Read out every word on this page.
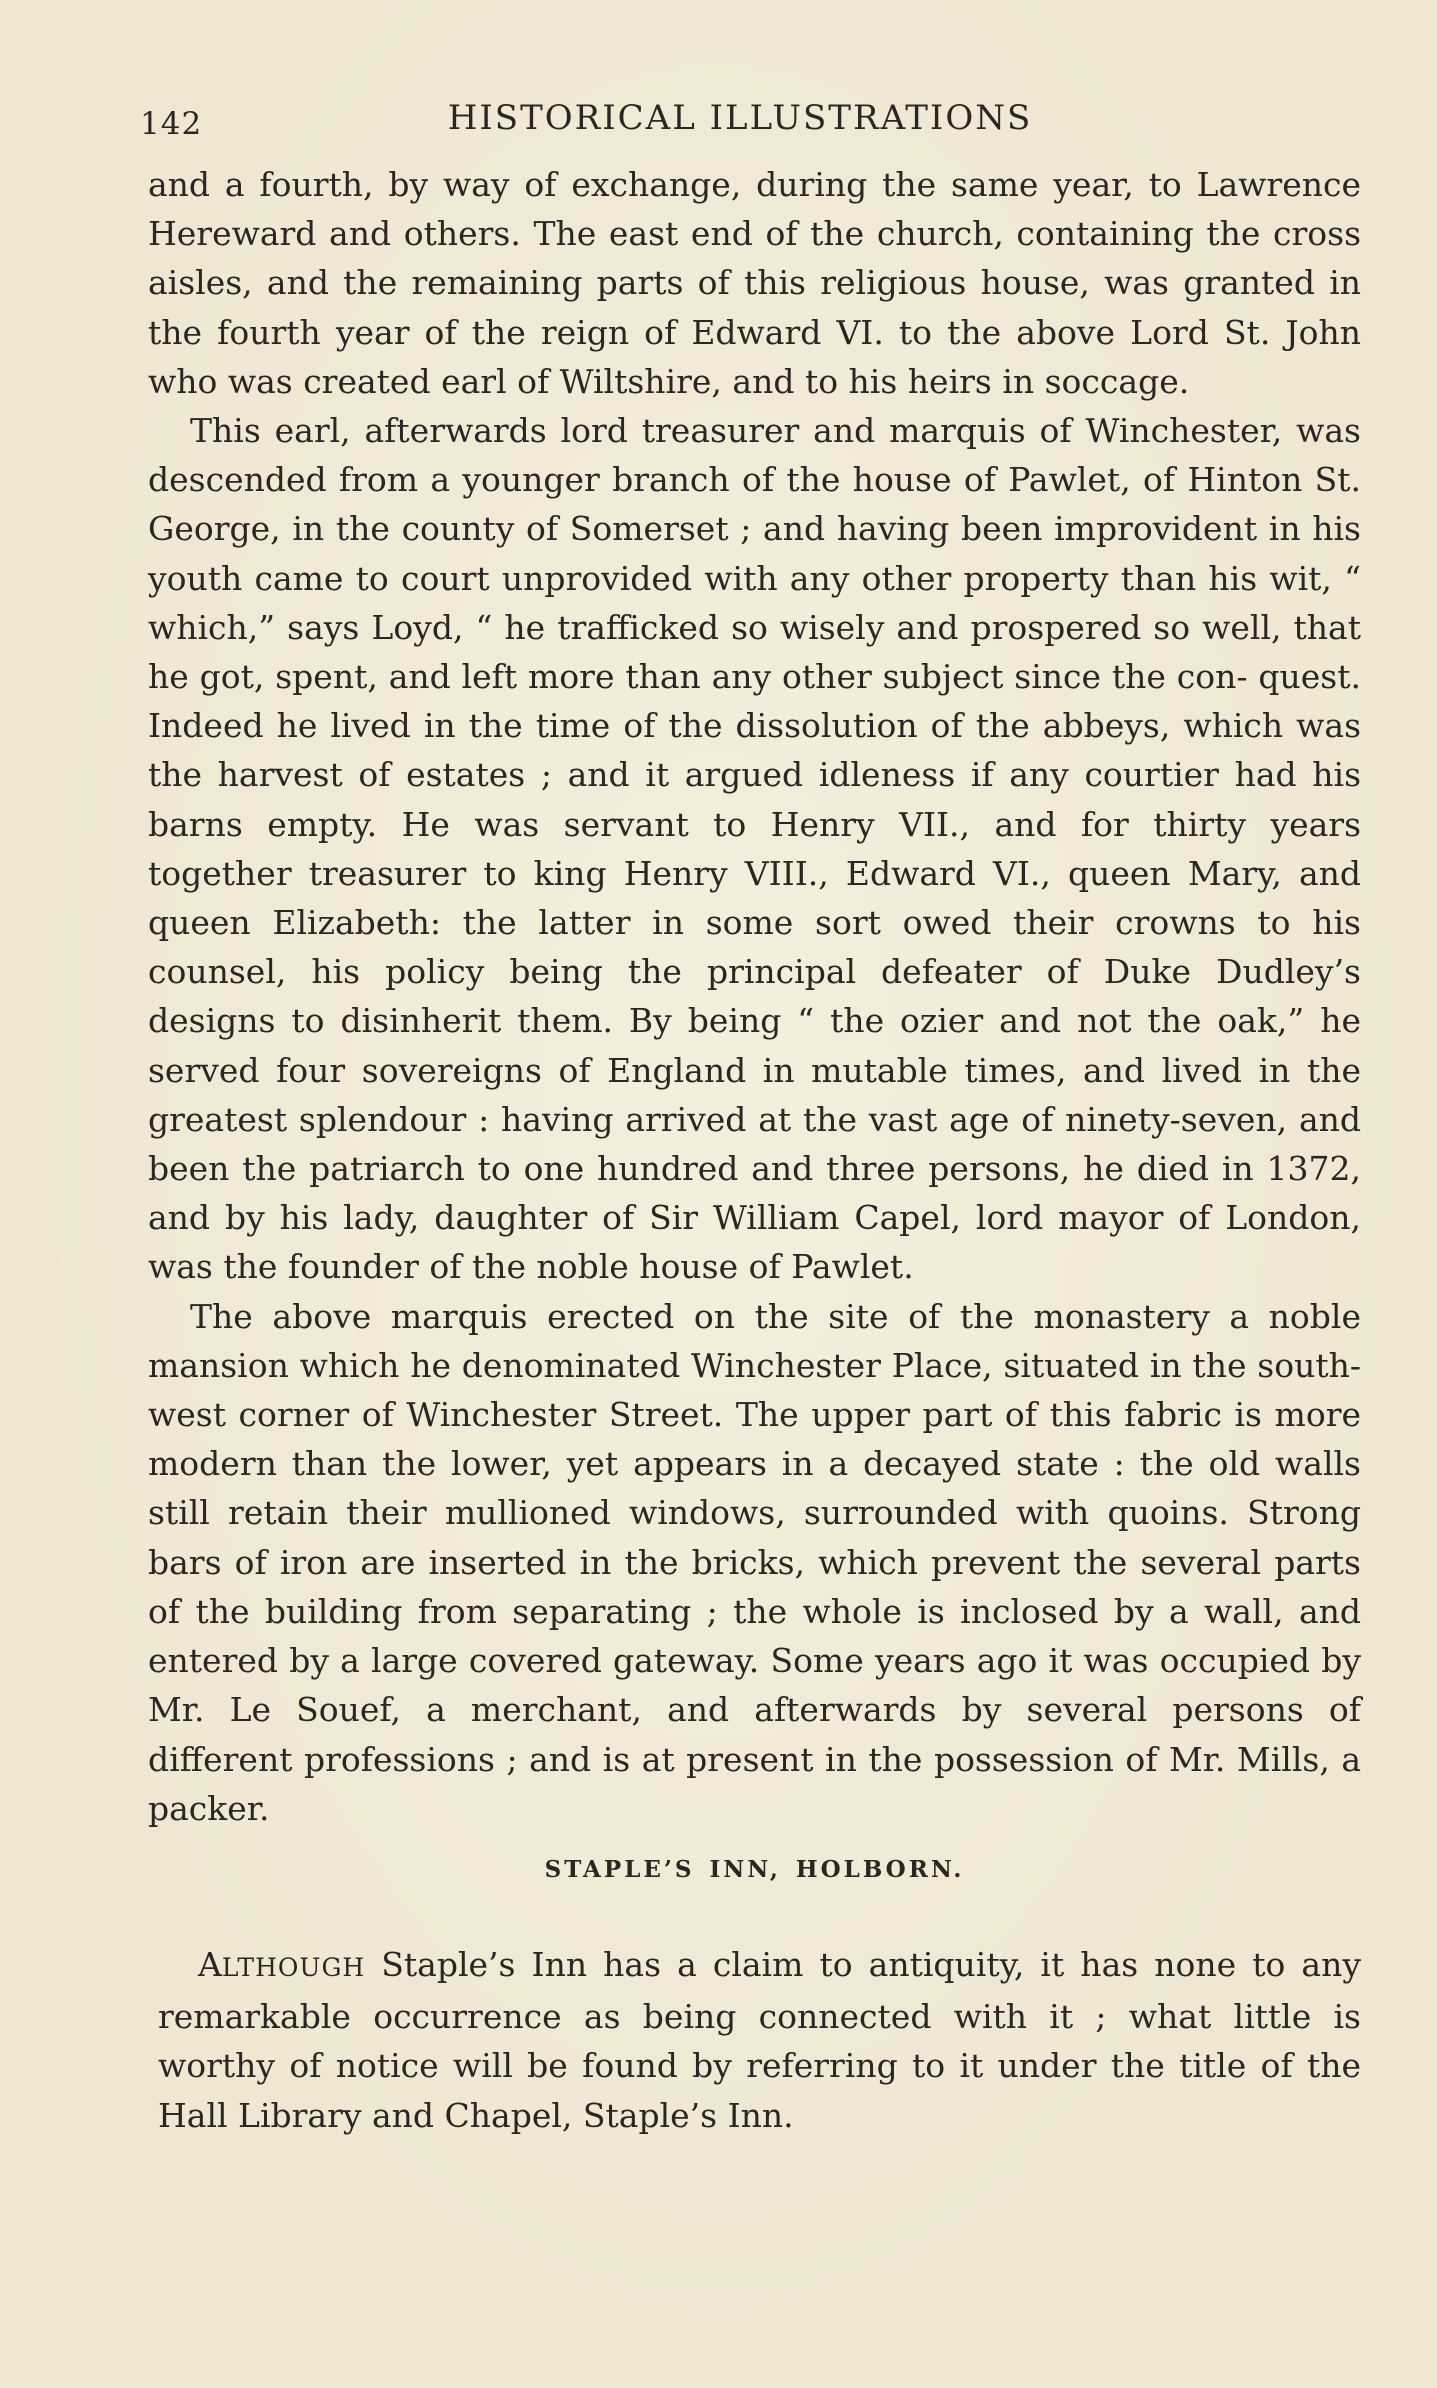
142	HISTORICAL ILLUSTRATIONS

and a fourth, by way of exchange, during the same year, to Lawrence Hereward and others. The east end of the church, containing the cross aisles, and the remaining parts of this religious house, was granted in the fourth year of the reign of Edward VI. to the above Lord St. John who was created earl of Wiltshire, and to his heirs in soccage.

This earl, afterwards lord treasurer and marquis of Winchester, was descended from a younger branch of the house of Pawlet, of Hinton St. George, in the county of Somerset ; and having been improvident in his youth came to court unprovided with any other property than his wit, “ which,” says Loyd, “ he trafficked so wisely and prospered so well, that he got, spent, and left more than any other subject since the con- quest. Indeed he lived in the time of the dissolution of the abbeys, which was the harvest of estates ; and it argued idleness if any courtier had his barns empty. He was servant to Henry VII., and for thirty years together treasurer to king Henry VIII., Edward VI., queen Mary, and queen Elizabeth: the latter in some sort owed their crowns to his counsel, his policy being the principal defeater of Duke Dudley’s designs to disinherit them. By being “ the ozier and not the oak,” he served four sovereigns of England in mutable times, and lived in the greatest splendour : having arrived at the vast age of ninety-seven, and been the patriarch to one hundred and three persons, he died in 1372, and by his lady, daughter of Sir William Capel, lord mayor of London, was the founder of the noble house of Pawlet.

The above marquis erected on the site of the monastery a noble mansion which he denominated Winchester Place, situated in the south- west corner of Winchester Street. The upper part of this fabric is more modern than the lower, yet appears in a decayed state : the old walls still retain their mullioned windows, surrounded with quoins. Strong bars of iron are inserted in the bricks, which prevent the several parts of the building from separating ; the whole is inclosed by a wall, and entered by a large covered gateway. Some years ago it was occupied by Mr. Le Souef, a merchant, and afterwards by several persons of different professions ; and is at present in the possession of Mr. Mills, a packer.

STAPLE’S INN, HOLBORN.

ALTHOUGH Staple’s Inn has a claim to antiquity, it has none to any remarkable occurrence as being connected with it ; what little is worthy of notice will be found by referring to it under the title of the Hall Library and Chapel, Staple’s Inn.
